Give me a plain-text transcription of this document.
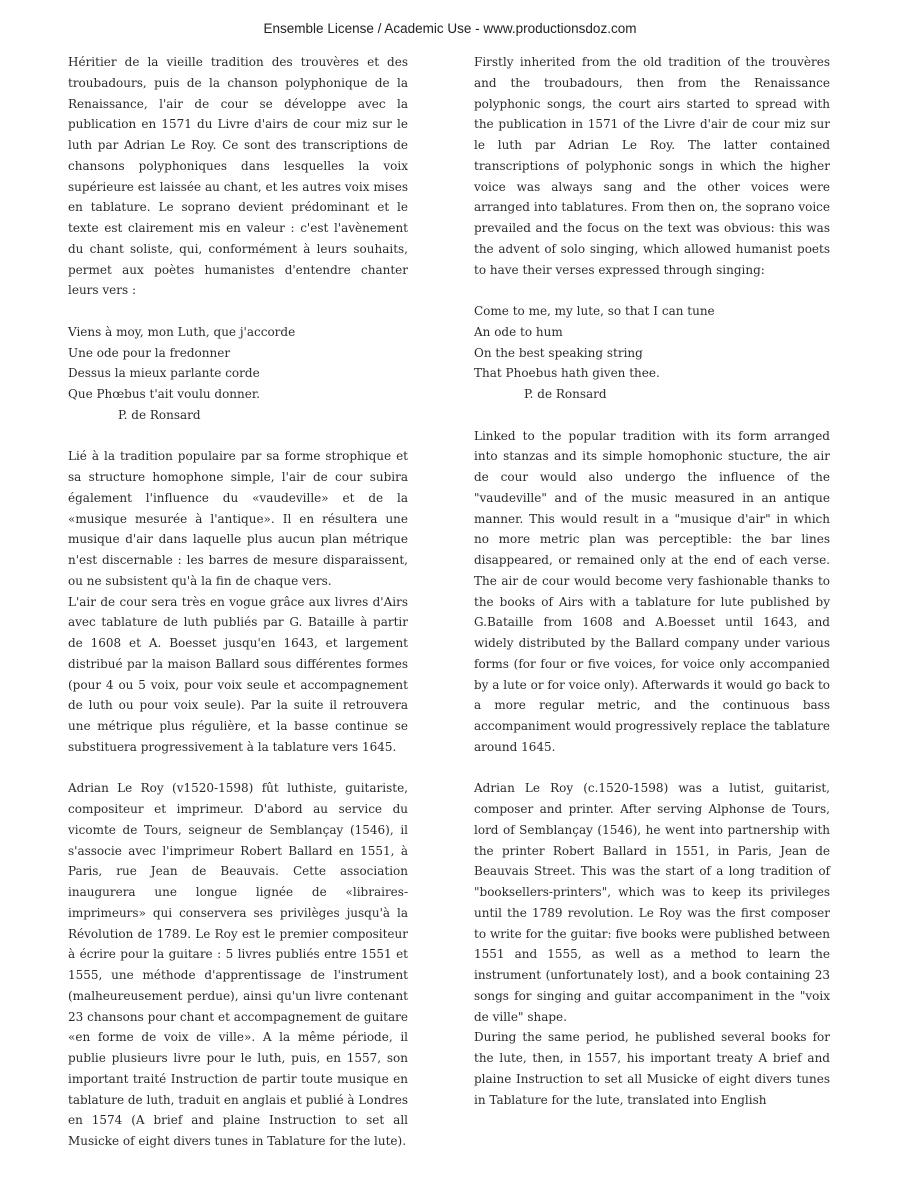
Ensemble License / Academic Use - www.productionsdoz.com

Héritier de la vieille tradition des trouvères et des troubadours, puis de la chanson polyphonique de la Renaissance, l'air de cour se développe avec la publication en 1571 du Livre d'airs de cour miz sur le luth par Adrian Le Roy. Ce sont des transcriptions de chansons polyphoniques dans lesquelles la voix supérieure est laissée au chant, et les autres voix mises en tablature. Le soprano devient prédominant et le texte est clairement mis en valeur : c'est l'avènement du chant soliste, qui, conformément à leurs souhaits, permet aux poètes humanistes d'entendre chanter leurs vers :

Viens à moy, mon Luth, que j'accorde

Une ode pour la fredonner

Dessus la mieux parlante corde

Que Phœbus t'ait voulu donner.

P. de Ronsard

Lié à la tradition populaire par sa forme strophique et sa structure homophone simple, l'air de cour subira également l'influence du «vaudeville» et de la «musique mesurée à l'antique». Il en résultera une musique d'air dans laquelle plus aucun plan métrique n'est discernable : les barres de mesure disparaissent, ou ne subsistent qu'à la fin de chaque vers.

L'air de cour sera très en vogue grâce aux livres d'Airs avec tablature de luth publiés par G. Bataille à partir de 1608 et A. Boesset jusqu'en 1643, et largement distribué par la maison Ballard sous différentes formes (pour 4 ou 5 voix, pour voix seule et accompagnement de luth ou pour voix seule). Par la suite il retrouvera une métrique plus régulière, et la basse continue se substituera progressivement à la tablature vers 1645.

Adrian Le Roy (v1520-1598) fût luthiste, guitariste, compositeur et imprimeur. D'abord au service du vicomte de Tours, seigneur de Semblançay (1546), il s'associe avec l'imprimeur Robert Ballard en 1551, à Paris, rue Jean de Beauvais. Cette association inaugurera une longue lignée de «libraires-imprimeurs» qui conservera ses privilèges jusqu'à la Révolution de 1789. Le Roy est le premier compositeur à écrire pour la guitare : 5 livres publiés entre 1551 et 1555, une méthode d'apprentissage de l'instrument (malheureusement perdue), ainsi qu'un livre contenant 23 chansons pour chant et accompagnement de guitare «en forme de voix de ville». A la même période, il publie plusieurs livre pour le luth, puis, en 1557, son important traité Instruction de partir toute musique en tablature de luth, traduit en anglais et publié à Londres en 1574 (A brief and plaine Instruction to set all Musicke of eight divers tunes in Tablature for the lute).

Firstly inherited from the old tradition of the trouvères and the troubadours, then from the Renaissance polyphonic songs, the court airs started to spread with the publication in 1571 of the Livre d'air de cour miz sur le luth par Adrian Le Roy. The latter contained transcriptions of polyphonic songs in which the higher voice was always sang and the other voices were arranged into tablatures. From then on, the soprano voice prevailed and the focus on the text was obvious: this was the advent of solo singing, which allowed humanist poets to have their verses expressed through singing:

Come to me, my lute, so that I can tune

An ode to hum

On the best speaking string

That Phoebus hath given thee.

P. de Ronsard

Linked to the popular tradition with its form arranged into stanzas and its simple homophonic stucture, the air de cour would also undergo the influence of the "vaudeville" and of the music measured in an antique manner. This would result in a "musique d'air" in which no more metric plan was perceptible: the bar lines disappeared, or remained only at the end of each verse. The air de cour would become very fashionable thanks to the books of Airs with a tablature for lute published by G.Bataille from 1608 and A.Boesset until 1643, and widely distributed by the Ballard company under various forms (for four or five voices, for voice only accompanied by a lute or for voice only). Afterwards it would go back to a more regular metric, and the continuous bass accompaniment would progressively replace the tablature around 1645.

Adrian Le Roy (c.1520-1598) was a lutist, guitarist, composer and printer. After serving Alphonse de Tours, lord of Semblançay (1546), he went into partnership with the printer Robert Ballard in 1551, in Paris, Jean de Beauvais Street. This was the start of a long tradition of "booksellers-printers", which was to keep its privileges until the 1789 revolution. Le Roy was the first composer to write for the guitar: five books were published between 1551 and 1555, as well as a method to learn the instrument (unfortunately lost), and a book containing 23 songs for singing and guitar accompaniment in the "voix de ville" shape.

During the same period, he published several books for the lute, then, in 1557, his important treaty A brief and plaine Instruction to set all Musicke of eight divers tunes in Tablature for the lute, translated into English
